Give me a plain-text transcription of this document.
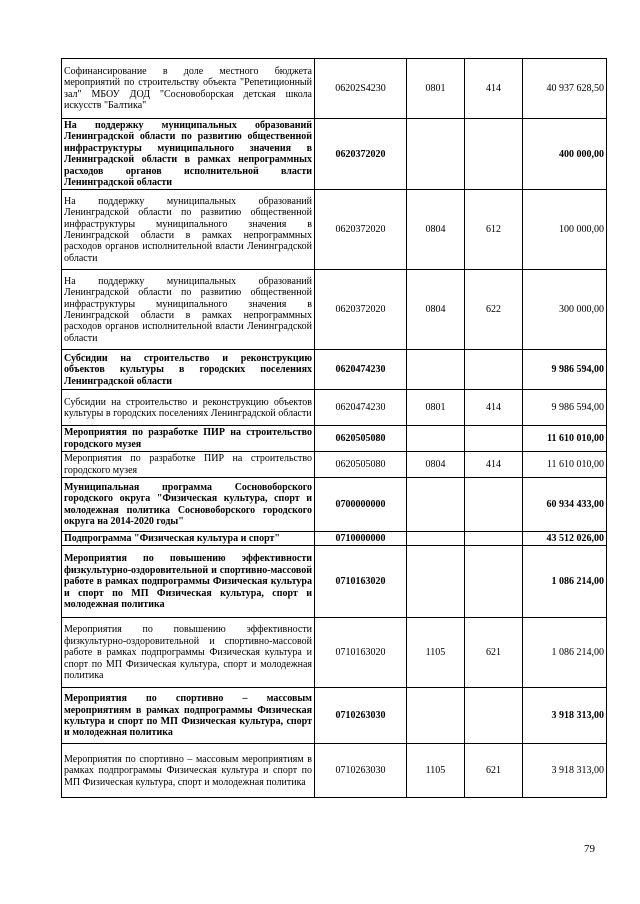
Софинансирование в доле местного бюджета мероприятий по строительству объекта "Репетиционный зал" МБОУ ДОД "Сосновоборская детская школа искусств "Балтика"	06202S4230	0801	414	40 937 628,50
На поддержку муниципальных образований Ленинградской области по развитию общественной инфраструктуры муниципального значения в Ленинградской области в рамках непрограммных расходов органов исполнительной власти Ленинградской области	0620372020			400 000,00
На поддержку муниципальных образований Ленинградской области по развитию общественной инфраструктуры муниципального значения в Ленинградской области в рамках непрограммных расходов органов исполнительной власти Ленинградской области	0620372020	0804	612	100 000,00
На поддержку муниципальных образований Ленинградской области по развитию общественной инфраструктуры муниципального значения в Ленинградской области в рамках непрограммных расходов органов исполнительной власти Ленинградской области	0620372020	0804	622	300 000,00
Субсидии на строительство и реконструкцию объектов культуры в городских поселениях Ленинградской области	0620474230			9 986 594,00
Субсидии на строительство и реконструкцию объектов культуры в городских поселениях Ленинградской области	0620474230	0801	414	9 986 594,00
Мероприятия по разработке ПИР на строительство городского музея	0620505080			11 610 010,00
Мероприятия по разработке ПИР на строительство городского музея	0620505080	0804	414	11 610 010,00
Муниципальная программа Сосновоборского городского округа "Физическая культура, спорт и молодежная политика Сосновоборского городского округа на 2014-2020 годы"	0700000000			60 934 433,00
Подпрограмма "Физическая культура и спорт"	0710000000			43 512 026,00
Мероприятия по повышению эффективности физкультурно-оздоровительной и спортивно-массовой работе в рамках подпрограммы Физическая культура и спорт по МП Физическая культура, спорт и молодежная политика	0710163020			1 086 214,00
Мероприятия по повышению эффективности физкультурно-оздоровительной и спортивно-массовой работе в рамках подпрограммы Физическая культура и спорт по МП Физическая культура, спорт и молодежная политика	0710163020	1105	621	1 086 214,00
Мероприятия по спортивно – массовым мероприятиям в рамках подпрограммы Физическая культура и спорт по МП Физическая культура, спорт и молодежная политика	0710263030			3 918 313,00
Мероприятия по спортивно – массовым мероприятиям в рамках подпрограммы Физическая культура и спорт по МП Физическая культура, спорт и молодежная политика	0710263030	1105	621	3 918 313,00
79
